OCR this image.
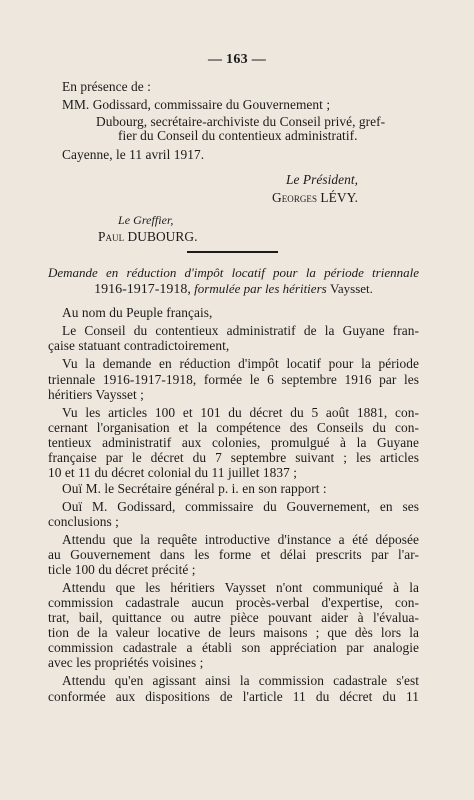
— 163 —
En présence de :
MM. Godissard, commissaire du Gouvernement ;
Dubourg, secrétaire-archiviste du Conseil privé, gref-
fier du Conseil du contentieux administratif.
Cayenne, le 11 avril 1917.
Le Président,
Georges LÉVY.
Le Greffier,
Paul DUBOURG.
Demande en réduction d'impôt locatif pour la période triennale
1916-1917-1918, formulée par les héritiers Vaysset.
Au nom du Peuple français,
Le Conseil du contentieux administratif de la Guyane fran-
çaise statuant contradictoirement,
Vu la demande en réduction d'impôt locatif pour la période
triennale 1916-1917-1918, formée le 6 septembre 1916 par les
héritiers Vaysset ;
Vu les articles 100 et 101 du décret du 5 août 1881, con-
cernant l'organisation et la compétence des Conseils du con-
tentieux administratif aux colonies, promulgué à la Guyane
française par le décret du 7 septembre suivant ; les articles
10 et 11 du décret colonial du 11 juillet 1837 ;
Ouï M. le Secrétaire général p. i. en son rapport :
Ouï M. Godissard, commissaire du Gouvernement, en ses
conclusions ;
Attendu que la requête introductive d'instance a été déposée
au Gouvernement dans les forme et délai prescrits par l'ar-
ticle 100 du décret précité ;
Attendu que les héritiers Vaysset n'ont communiqué à la
commission cadastrale aucun procès-verbal d'expertise, con-
trat, bail, quittance ou autre pièce pouvant aider à l'évalua-
tion de la valeur locative de leurs maisons ; que dès lors la
commission cadastrale a établi son appréciation par analogie
avec les propriétés voisines ;
Attendu qu'en agissant ainsi la commission cadastrale s'est
conformée aux dispositions de l'article 11 du décret du 11
